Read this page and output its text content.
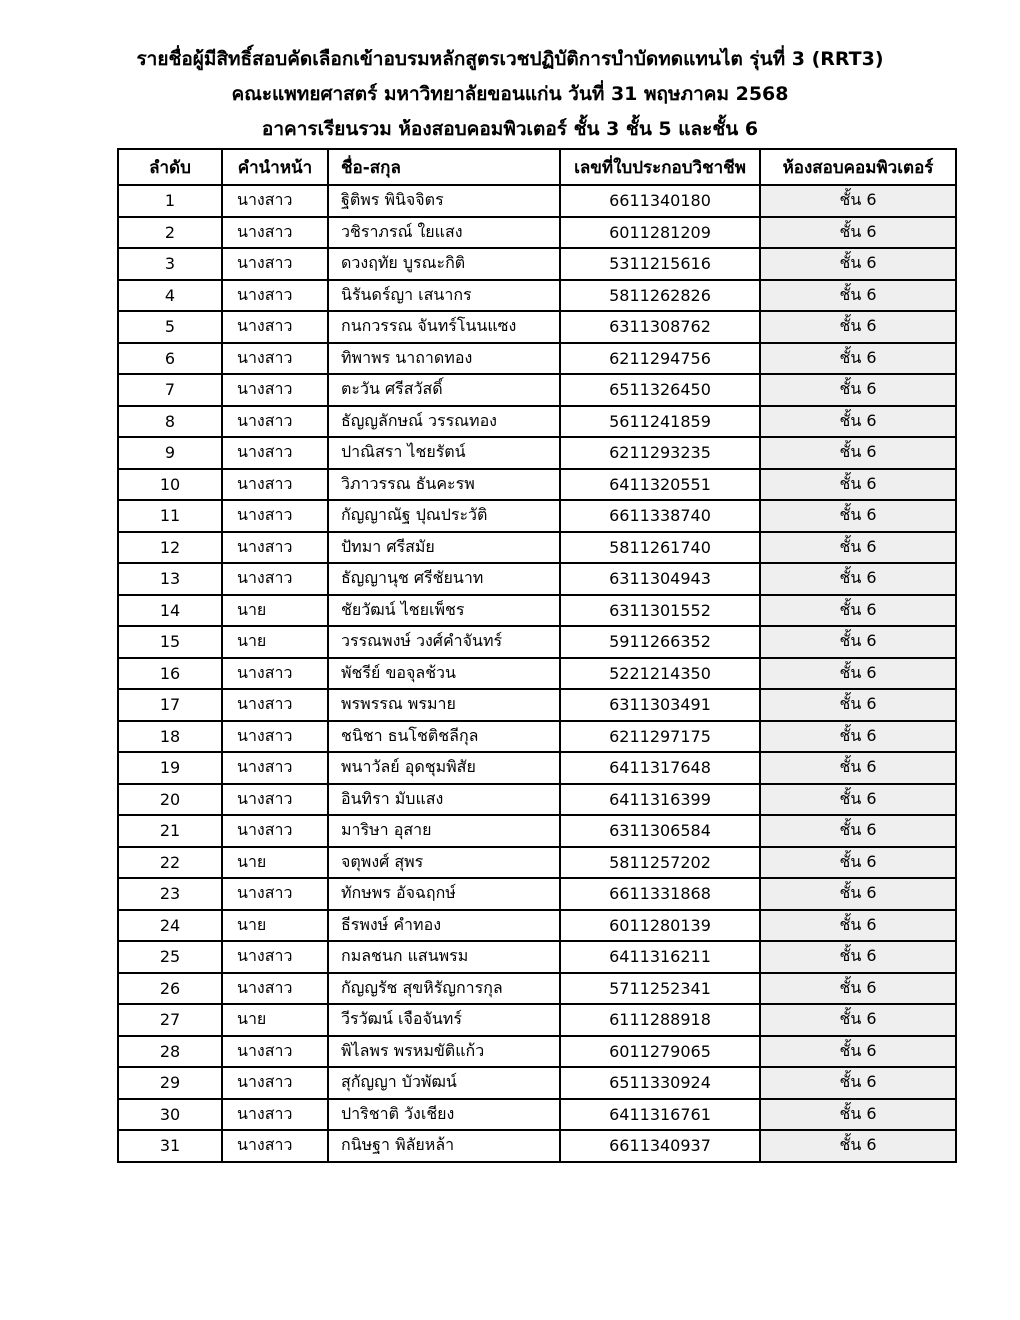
รายชื่อผู้มีสิทธิ์สอบคัดเลือกเข้าอบรมหลักสูตรเวชปฏิบัติการบำบัดทดแทนไต รุ่นที่ 3 (RRT3)
คณะแพทยศาสตร์ มหาวิทยาลัยขอนแก่น วันที่ 31 พฤษภาคม 2568
อาคารเรียนรวม ห้องสอบคอมพิวเตอร์ ชั้น 3 ชั้น 5 และชั้น 6
ลำดับ	คำนำหน้า	ชื่อ-สกุล	เลขที่ใบประกอบวิชาชีพ	ห้องสอบคอมพิวเตอร์
1	นางสาว	ฐิติพร พินิจจิตร	6611340180	ชั้น 6
2	นางสาว	วชิราภรณ์ ใยแสง	6011281209	ชั้น 6
3	นางสาว	ดวงฤทัย บูรณะกิติ	5311215616	ชั้น 6
4	นางสาว	นิรันดร์ญา เสนากร	5811262826	ชั้น 6
5	นางสาว	กนกวรรณ จันทร์โนนแซง	6311308762	ชั้น 6
6	นางสาว	ทิพาพร นาถาดทอง	6211294756	ชั้น 6
7	นางสาว	ตะวัน ศรีสวัสดิ์	6511326450	ชั้น 6
8	นางสาว	ธัญญลักษณ์ วรรณทอง	5611241859	ชั้น 6
9	นางสาว	ปาณิสรา ไชยรัตน์	6211293235	ชั้น 6
10	นางสาว	วิภาวรรณ ธันคะรพ	6411320551	ชั้น 6
11	นางสาว	กัญญาณัฐ ปุณประวัติ	6611338740	ชั้น 6
12	นางสาว	ปัทมา ศรีสมัย	5811261740	ชั้น 6
13	นางสาว	ธัญญานุช ศรีชัยนาท	6311304943	ชั้น 6
14	นาย	ชัยวัฒน์ ไชยเพ็ชร	6311301552	ชั้น 6
15	นาย	วรรณพงษ์ วงศ์คำจันทร์	5911266352	ชั้น 6
16	นางสาว	พัชรีย์ ขอจุลช้วน	5221214350	ชั้น 6
17	นางสาว	พรพรรณ พรมาย	6311303491	ชั้น 6
18	นางสาว	ชนิชา ธนโชติชลีกุล	6211297175	ชั้น 6
19	นางสาว	พนาวัลย์ อุดชุมพิสัย	6411317648	ชั้น 6
20	นางสาว	อินทิรา มับแสง	6411316399	ชั้น 6
21	นางสาว	มาริษา อุสาย	6311306584	ชั้น 6
22	นาย	จตุพงศ์ สุพร	5811257202	ชั้น 6
23	นางสาว	ทักษพร อัจฉฤกษ์	6611331868	ชั้น 6
24	นาย	ธีรพงษ์ คำทอง	6011280139	ชั้น 6
25	นางสาว	กมลชนก แสนพรม	6411316211	ชั้น 6
26	นางสาว	กัญญรัช สุขหิรัญการกุล	5711252341	ชั้น 6
27	นาย	วีรวัฒน์ เจือจันทร์	6111288918	ชั้น 6
28	นางสาว	พิไลพร พรหมขัติแก้ว	6011279065	ชั้น 6
29	นางสาว	สุกัญญา บัวพัฒน์	6511330924	ชั้น 6
30	นางสาว	ปาริชาติ วังเชียง	6411316761	ชั้น 6
31	นางสาว	กนิษฐา พิลัยหล้า	6611340937	ชั้น 6
